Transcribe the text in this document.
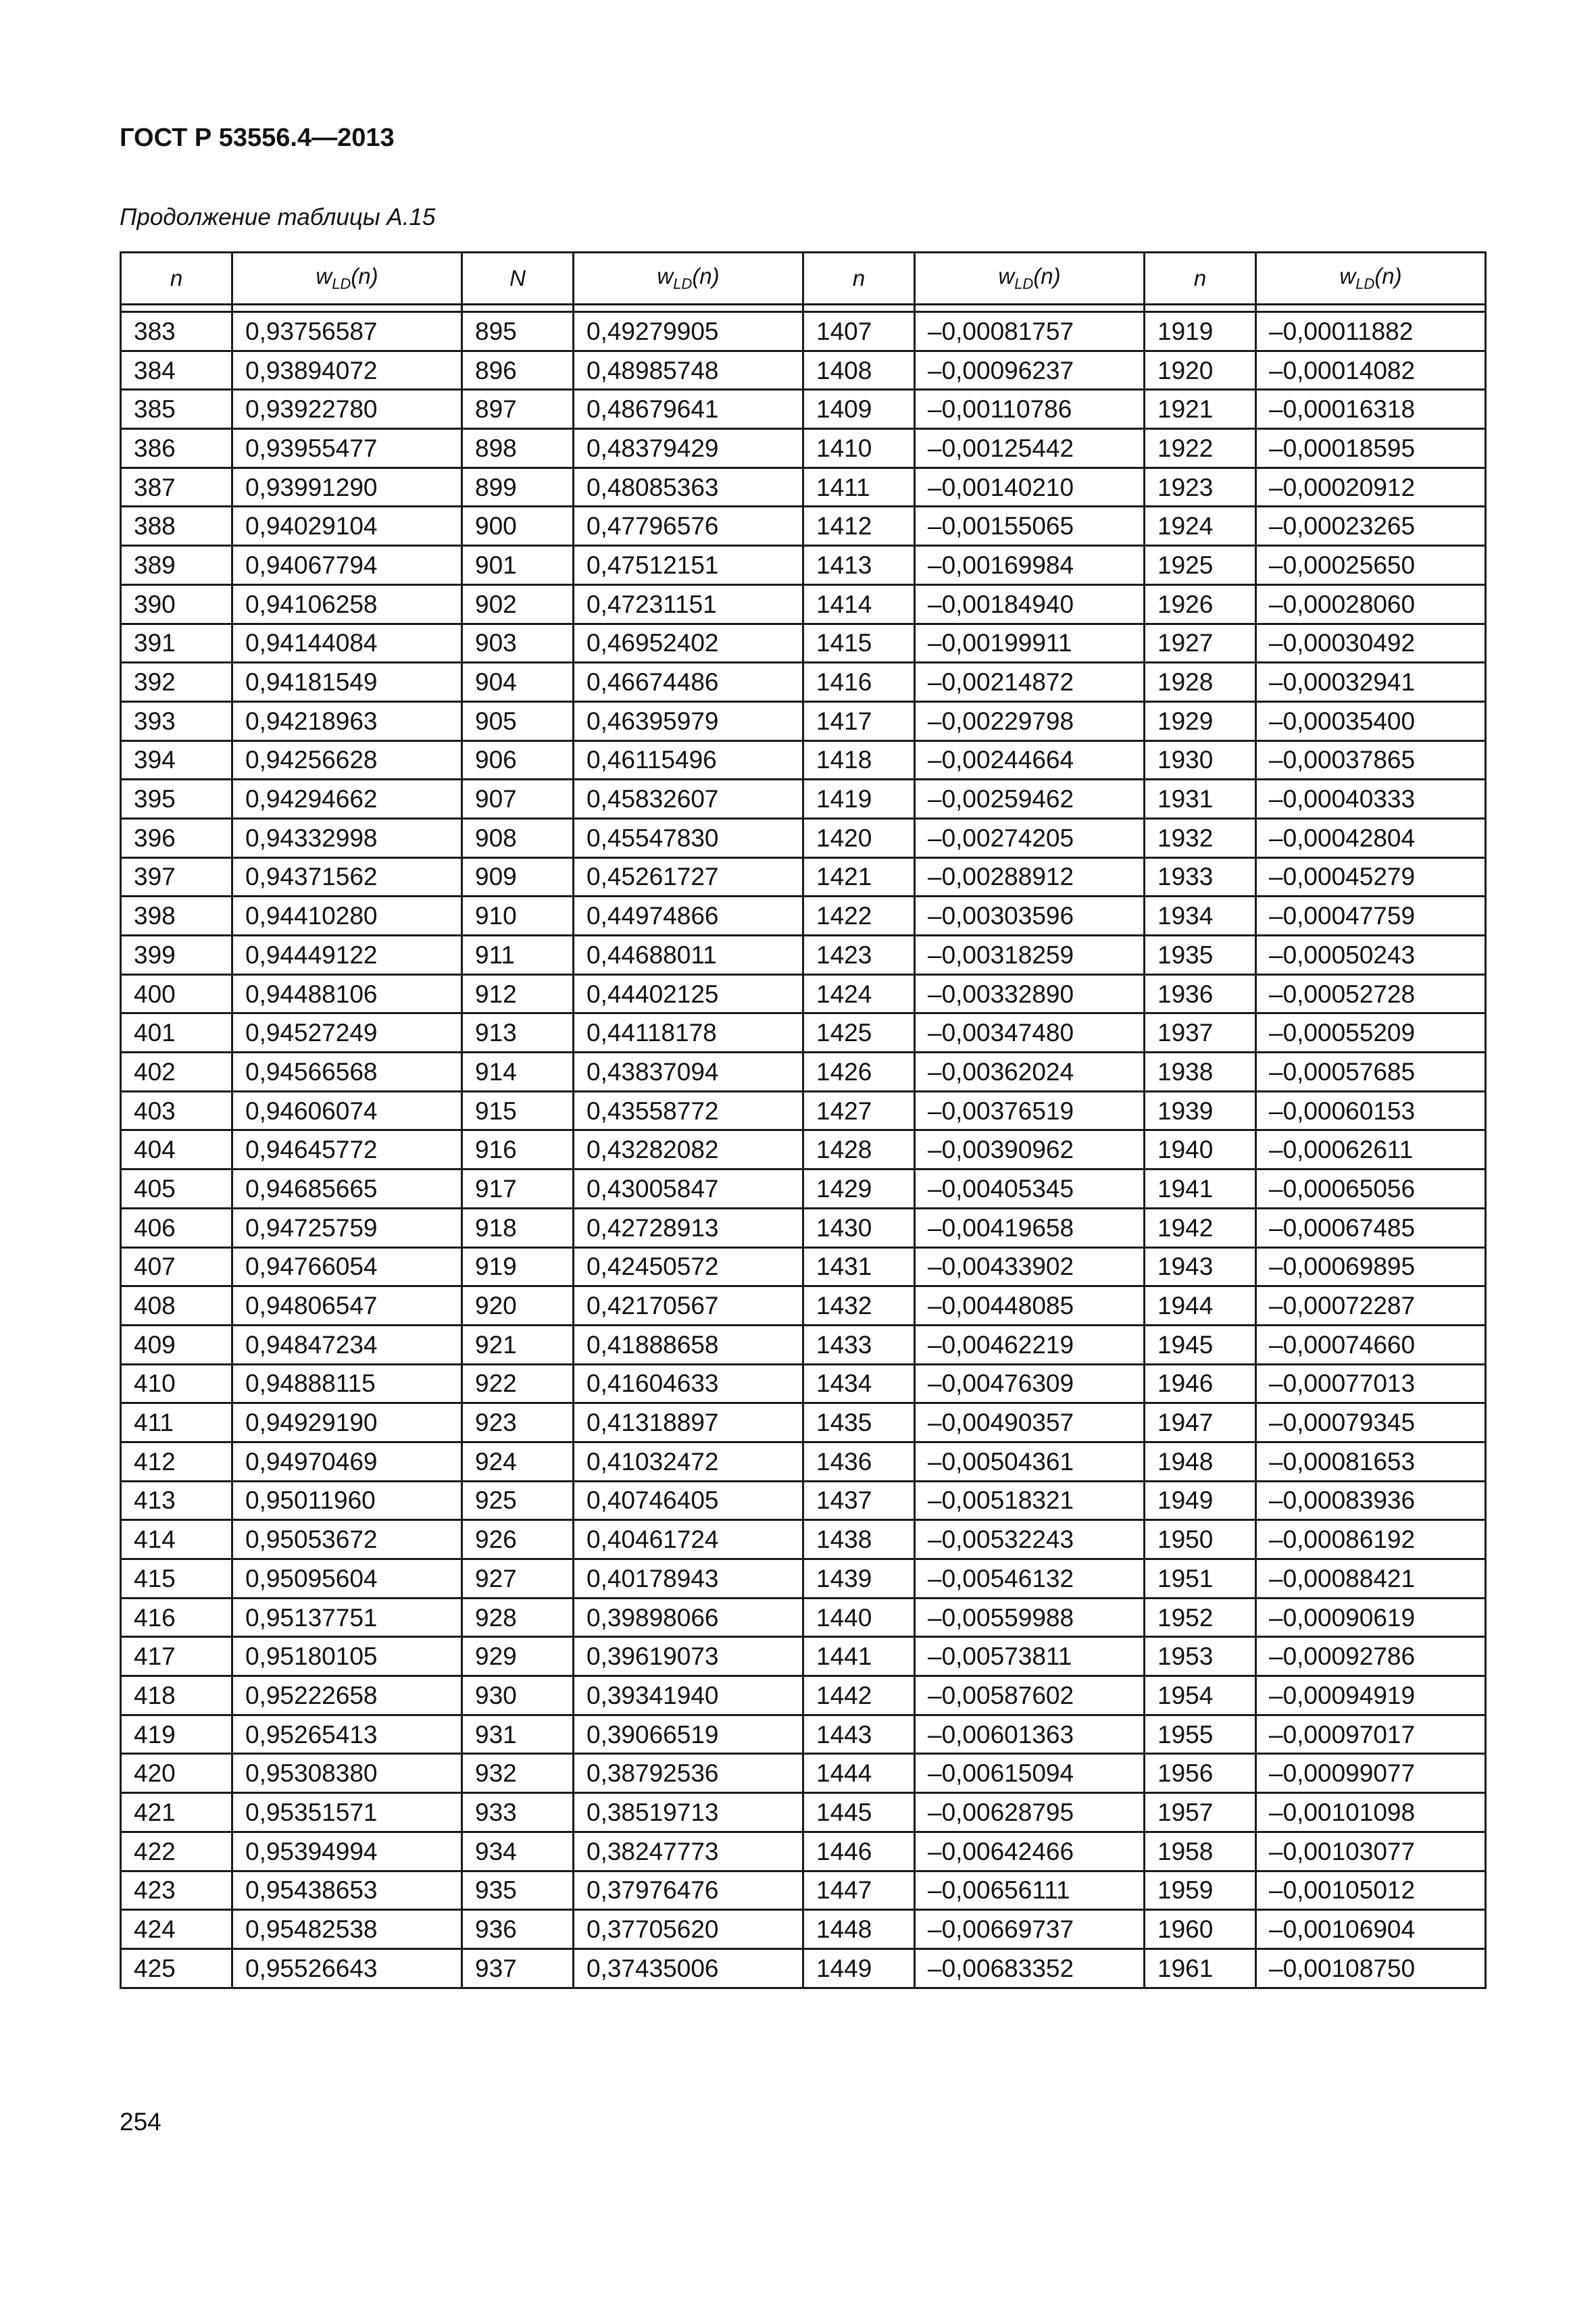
ГОСТ Р 53556.4—2013
Продолжение таблицы А.15
n	$w_{LD}(n)$	N	$w_{LD}(n)$	n	$w_{LD}(n)$	n	$w_{LD}(n)$

383	0,93756587	895	0,49279905	1407	–0,00081757	1919	–0,00011882
384	0,93894072	896	0,48985748	1408	–0,00096237	1920	–0,00014082
385	0,93922780	897	0,48679641	1409	–0,00110786	1921	–0,00016318
386	0,93955477	898	0,48379429	1410	–0,00125442	1922	–0,00018595
387	0,93991290	899	0,48085363	1411	–0,00140210	1923	–0,00020912
388	0,94029104	900	0,47796576	1412	–0,00155065	1924	–0,00023265
389	0,94067794	901	0,47512151	1413	–0,00169984	1925	–0,00025650
390	0,94106258	902	0,47231151	1414	–0,00184940	1926	–0,00028060
391	0,94144084	903	0,46952402	1415	–0,00199911	1927	–0,00030492
392	0,94181549	904	0,46674486	1416	–0,00214872	1928	–0,00032941
393	0,94218963	905	0,46395979	1417	–0,00229798	1929	–0,00035400
394	0,94256628	906	0,46115496	1418	–0,00244664	1930	–0,00037865
395	0,94294662	907	0,45832607	1419	–0,00259462	1931	–0,00040333
396	0,94332998	908	0,45547830	1420	–0,00274205	1932	–0,00042804
397	0,94371562	909	0,45261727	1421	–0,00288912	1933	–0,00045279
398	0,94410280	910	0,44974866	1422	–0,00303596	1934	–0,00047759
399	0,94449122	911	0,44688011	1423	–0,00318259	1935	–0,00050243
400	0,94488106	912	0,44402125	1424	–0,00332890	1936	–0,00052728
401	0,94527249	913	0,44118178	1425	–0,00347480	1937	–0,00055209
402	0,94566568	914	0,43837094	1426	–0,00362024	1938	–0,00057685
403	0,94606074	915	0,43558772	1427	–0,00376519	1939	–0,00060153
404	0,94645772	916	0,43282082	1428	–0,00390962	1940	–0,00062611
405	0,94685665	917	0,43005847	1429	–0,00405345	1941	–0,00065056
406	0,94725759	918	0,42728913	1430	–0,00419658	1942	–0,00067485
407	0,94766054	919	0,42450572	1431	–0,00433902	1943	–0,00069895
408	0,94806547	920	0,42170567	1432	–0,00448085	1944	–0,00072287
409	0,94847234	921	0,41888658	1433	–0,00462219	1945	–0,00074660
410	0,94888115	922	0,41604633	1434	–0,00476309	1946	–0,00077013
411	0,94929190	923	0,41318897	1435	–0,00490357	1947	–0,00079345
412	0,94970469	924	0,41032472	1436	–0,00504361	1948	–0,00081653
413	0,95011960	925	0,40746405	1437	–0,00518321	1949	–0,00083936
414	0,95053672	926	0,40461724	1438	–0,00532243	1950	–0,00086192
415	0,95095604	927	0,40178943	1439	–0,00546132	1951	–0,00088421
416	0,95137751	928	0,39898066	1440	–0,00559988	1952	–0,00090619
417	0,95180105	929	0,39619073	1441	–0,00573811	1953	–0,00092786
418	0,95222658	930	0,39341940	1442	–0,00587602	1954	–0,00094919
419	0,95265413	931	0,39066519	1443	–0,00601363	1955	–0,00097017
420	0,95308380	932	0,38792536	1444	–0,00615094	1956	–0,00099077
421	0,95351571	933	0,38519713	1445	–0,00628795	1957	–0,00101098
422	0,95394994	934	0,38247773	1446	–0,00642466	1958	–0,00103077
423	0,95438653	935	0,37976476	1447	–0,00656111	1959	–0,00105012
424	0,95482538	936	0,37705620	1448	–0,00669737	1960	–0,00106904
425	0,95526643	937	0,37435006	1449	–0,00683352	1961	–0,00108750
254
